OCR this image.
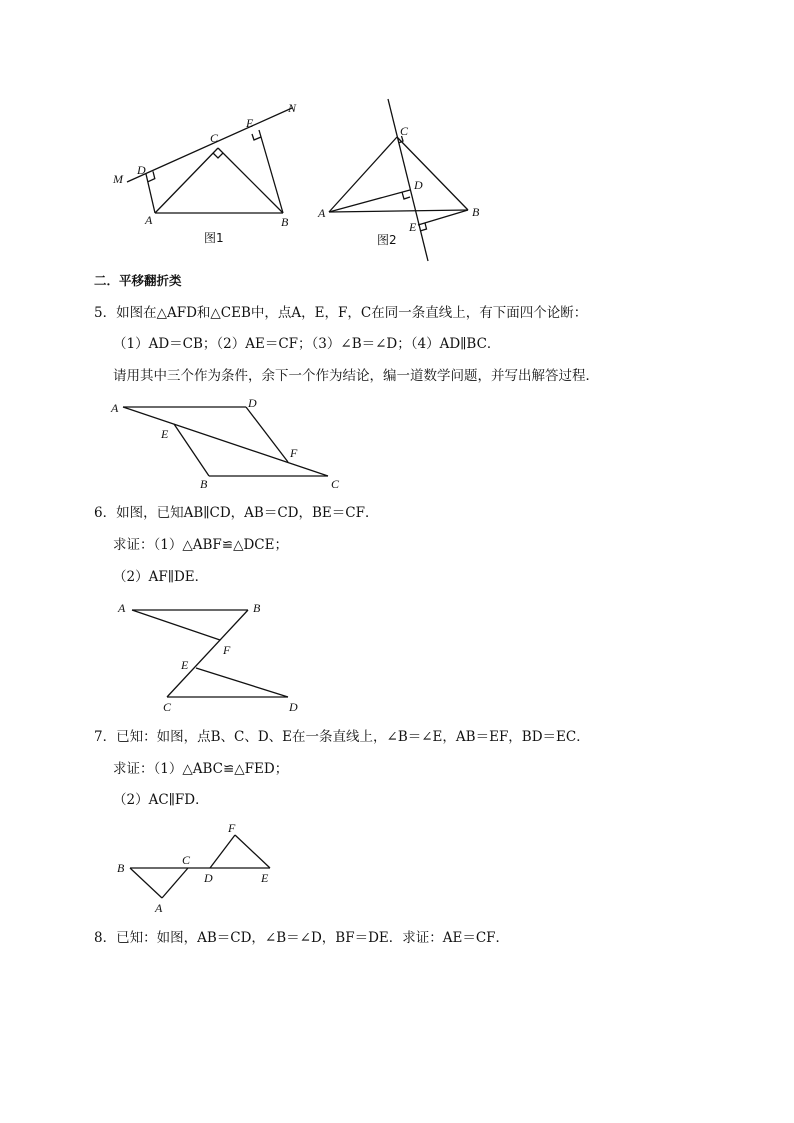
M
N
D
C
E
A	B
图1
C
D
A	B
E
图2
二．平移翻折类
5．如图在△AFD和△CEB中，点A，E，F，C在同一条直线上，有下面四个论断：
（1）AD＝CB；（2）AE＝CF；（3）∠B＝∠D；（4）AD∥BC．
请用其中三个作为条件，余下一个作为结论，编一道数学问题，并写出解答过程．
A	D
E
F
B	C
6．如图，已知AB∥CD，AB＝CD，BE＝CF．
求证：（1）△ABF≌△DCE；
（2）AF∥DE．
A	B
F
E
C	D
7．已知：如图，点B、C、D、E在一条直线上，∠B＝∠E，AB＝EF，BD＝EC．
求证：（1）△ABC≌△FED；
（2）AC∥FD．
F
B
C
D	E
A
8．已知：如图，AB＝CD，∠B＝∠D，BF＝DE．求证：AE＝CF．
